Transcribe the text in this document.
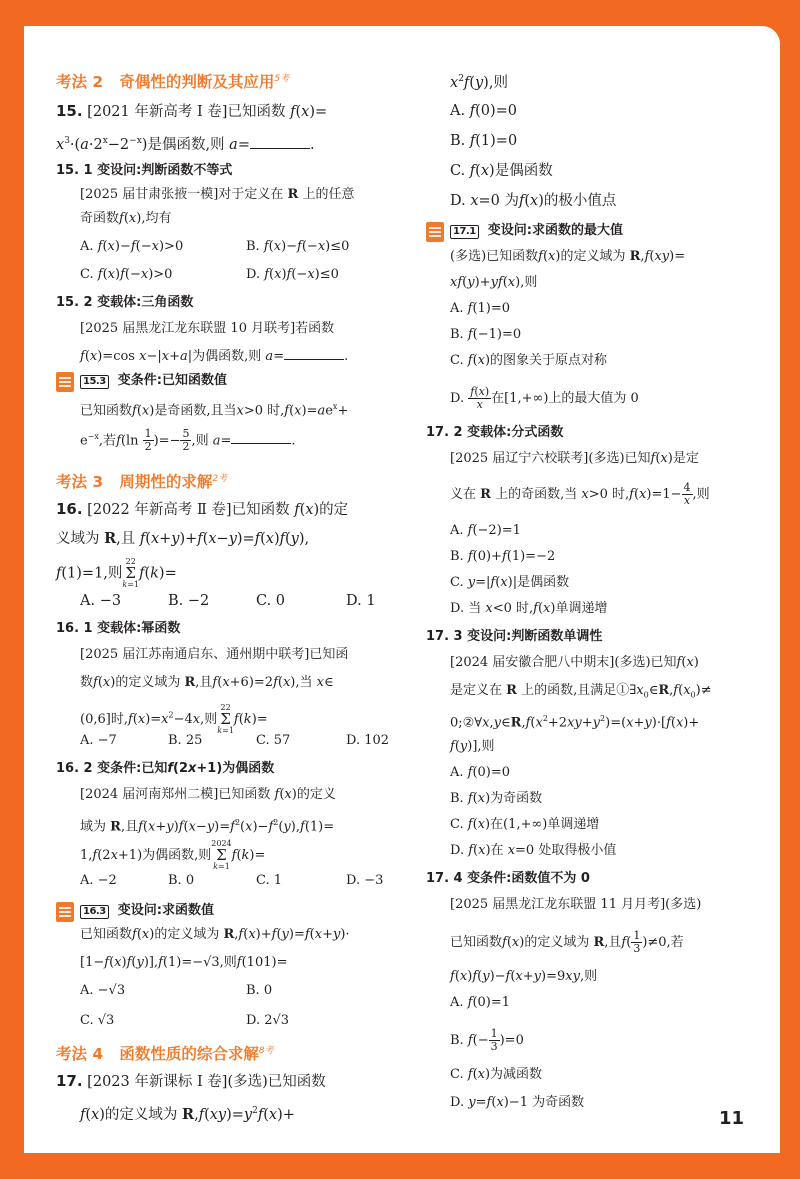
考法 2 奇偶性的判断及其应用$^{5考}$
15. [2021 年新高考 Ⅰ 卷]已知函数 f(x)=
$x^3\cdot(a\cdot 2^x-2^{-x})$是偶函数,则 a=	.
15. 1 变设问:判断函数不等式
[2025 届甘肃张掖一模]对于定义在 R 上的任意
奇函数f(x),均有
A. f(x)−f(−x)>0	B. f(x)−f(−x)≤0
C. f(x)f(−x)>0	D. f(x)f(−x)≤0
15. 2 变载体:三角函数
[2025 届黑龙江龙东联盟 10 月联考]若函数
f(x)=cos x−|x+a|为偶函数,则 a=	.
15.3 变条件:已知函数值
已知函数f(x)是奇函数,且当x>0 时$,f(x)=ae^x+$
$e^{-x}$,若$f(\ln \frac{1}{2}$ )=− $\frac{5}{2}$ ,则 a=	.
考法 3 周期性的求解$^{2考}$
16. [2022 年新高考 Ⅱ 卷]已知函数 f(x)的定
义域为 R,且 f(x+y)+f(x−y)=f(x)f(y),
f(1)=1,则22
Σ
k=1f(k)=
A. −3	B. −2	C. 0	D. 1
16. 1 变载体:幂函数
[2025 届江苏南通启东、通州期中联考]已知函
数f(x)的定义域为 R,且f(x+6)=2f(x),当 x∈
(0,6]时$,f(x)=x^2-4x$,则22
Σ
k=1f(k)=
A. −7	B. 25	C. 57	D. 102
16. 2 变条件:已知f(2x+1)为偶函数
[2024 届河南郑州二模]已知函数 f(x)的定义
域为 R,且$f(x+y)f(x-y)=f^2(x)-f^2(y),f(1)=$
1,f(2x+1)为偶函数,则2024
Σ
k=1f(k)=
A. −2	B. 0	C. 1	D. −3
16.3 变设问:求函数值
已知函数f(x)的定义域为 R,f(x)+f(y)=f(x+y)·
[1−f(x)f(y)],f(1)=−√3,则f(101)=
A. −√3	B. 0
C. √3	D. 2√3
考法 4 函数性质的综合求解$^{8考}$
17. [2023 年新课标 Ⅰ 卷](多选)已知函数
f(x)的定义域为 $R,f(xy)=y^2f(x)+$
$x^2f(y)$,则
A. f(0)=0
B. f(1)=0
C. f(x)是偶函数
D. x=0 为f(x)的极小值点
17.1 变设问:求函数的最大值
(多选)已知函数f(x)的定义域为 R,f(xy)=
xf(y)+yf(x),则
A. f(1)=0
B. f(−1)=0
C. f(x)的图象关于原点对称
D. $\frac{f(x)}{x}$ 在[1,+∞)上的最大值为 0
17. 2 变载体:分式函数
[2025 届辽宁六校联考](多选)已知f(x)是定
义在 R 上的奇函数,当 x>0 时$,f(x)=1- \frac{4}{x}$ ,则
A. f(−2)=1
B. f(0)+f(1)=−2
C. y=|f(x)|是偶函数
D. 当 x<0 时,f(x)单调递增
17. 3 变设问:判断函数单调性
[2024 届安徽合肥八中期末](多选)已知f(x)
是定义在 R 上的函数,且满足$①\exists x_0\in R,f(x_0)\ne$
$0;②\forall x,y\in R,f(x^2+2xy+y^2)=(x+y)\cdot[f(x)+$
f(y)],则
A. f(0)=0
B. f(x)为奇函数
C. f(x)在(1,+∞)单调递增
D. f(x)在 x=0 处取得极小值
17. 4 变条件:函数值不为 0
[2025 届黑龙江龙东联盟 11 月月考](多选)
已知函数f(x)的定义域为 R,且$f( \frac{1}{3} )\ne 0$,若
f(x)f(y)−f(x+y)=9xy,则
A. f(0)=1
B. $f(- \frac{1}{3} )=0$
C. f(x)为减函数
D. y=f(x)−1 为奇函数
11
